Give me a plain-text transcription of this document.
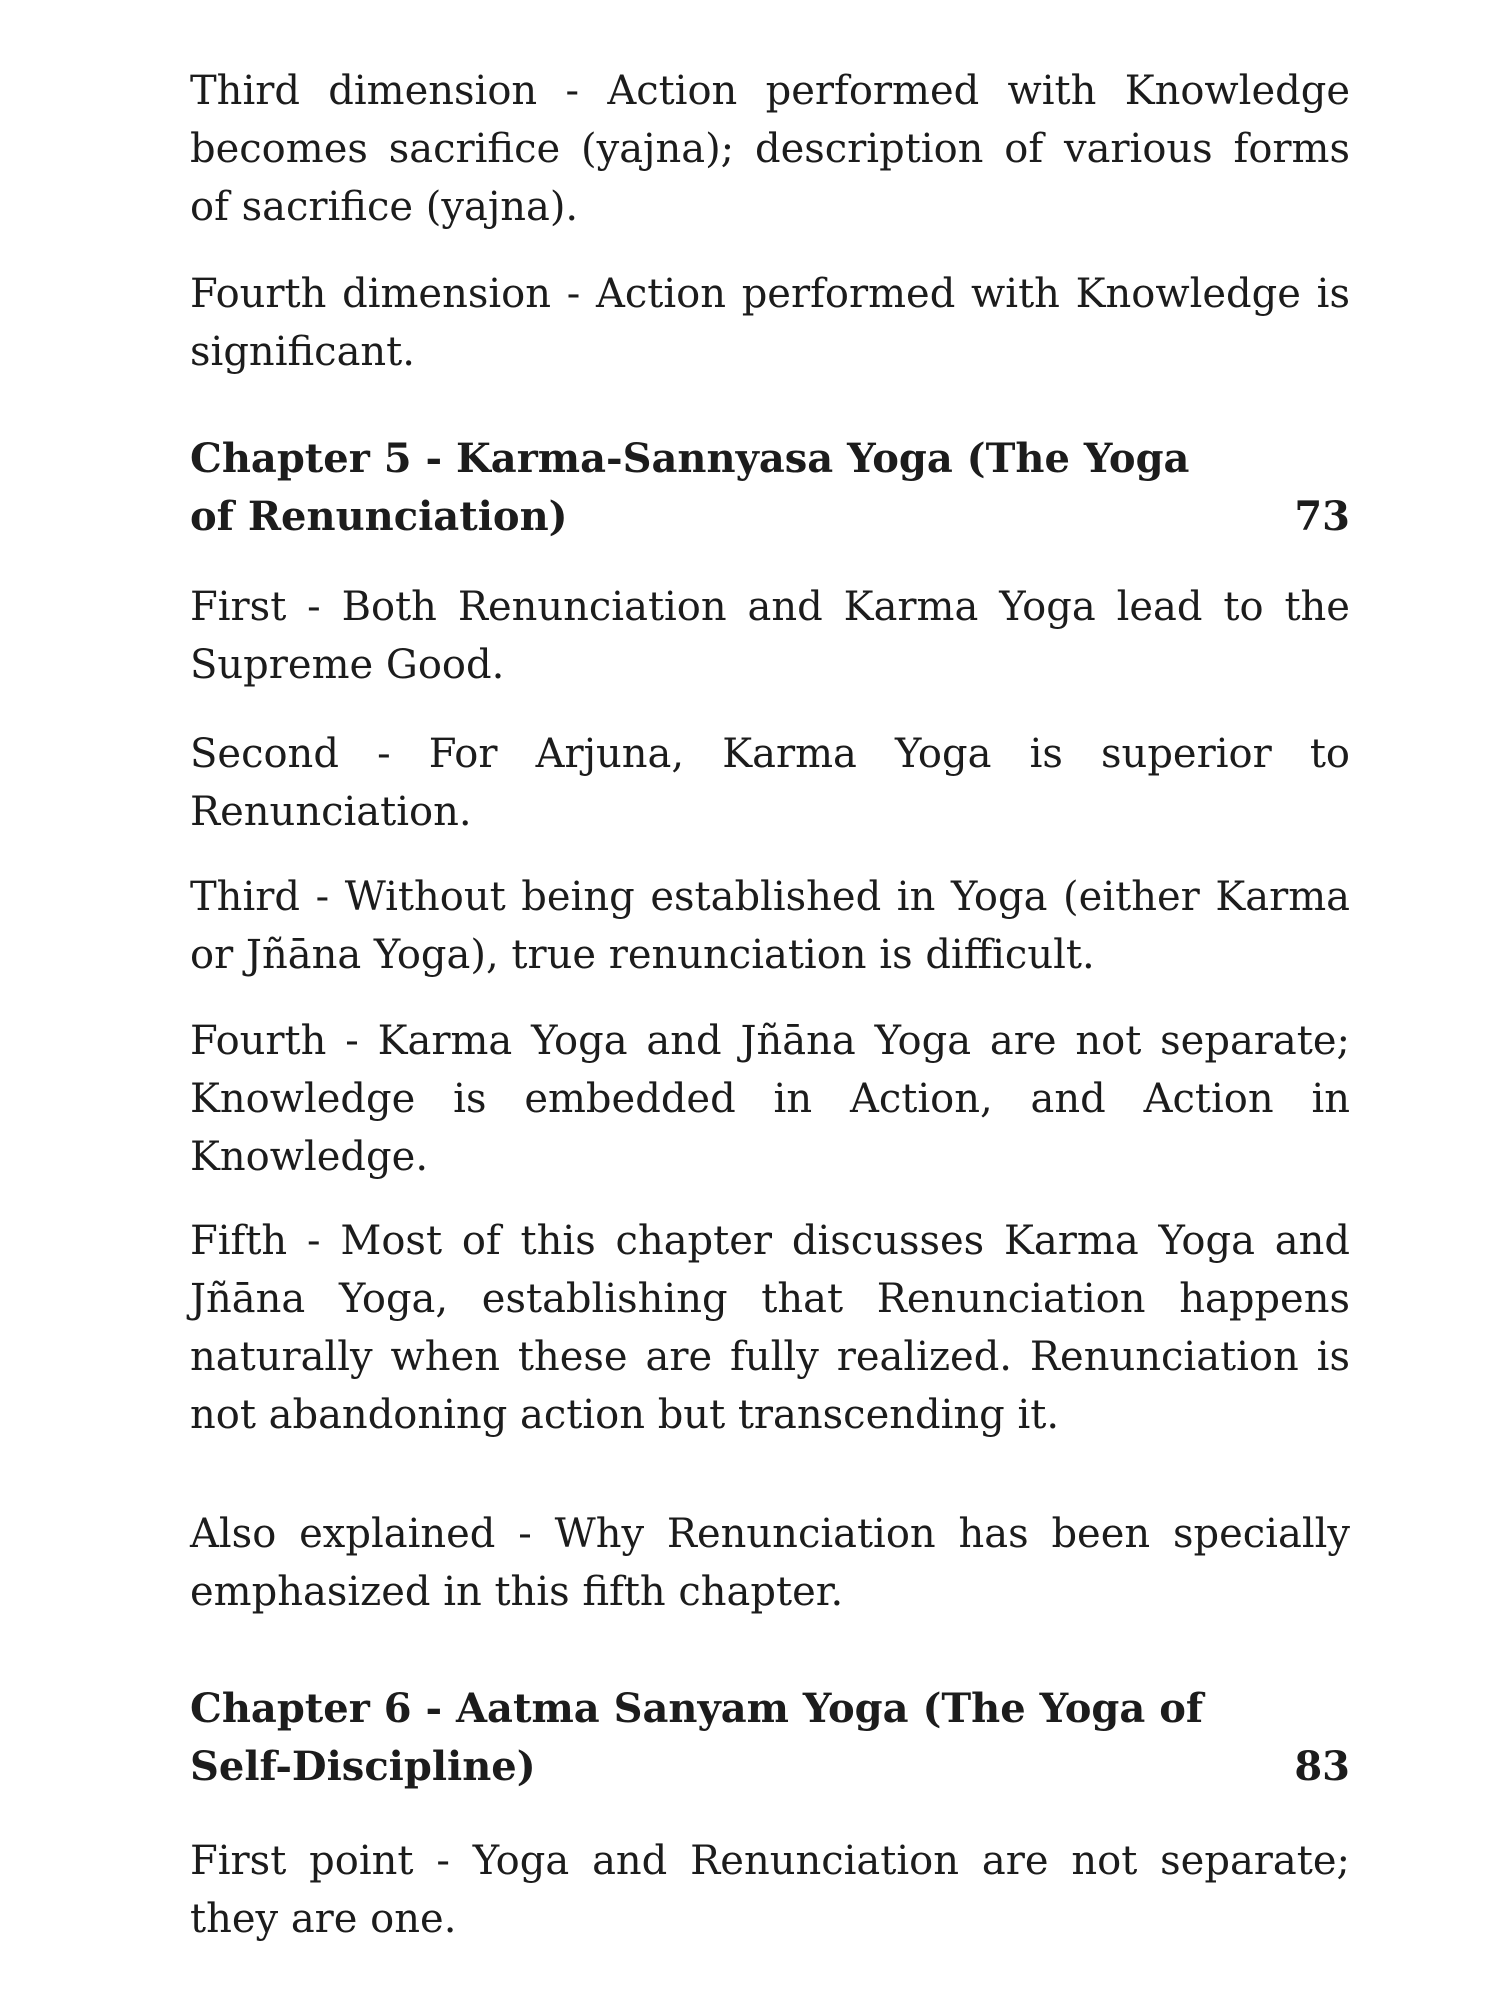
Third dimension - Action performed with Knowledge becomes sacrifice (yajna); description of various forms of sacrifice (yajna).

Fourth dimension - Action performed with Knowledge is significant.

Chapter 5 - Karma-Sannyasa Yoga (The Yoga of Renunciation)	73

First - Both Renunciation and Karma Yoga lead to the Supreme Good.

Second - For Arjuna, Karma Yoga is superior to Renunciation.

Third - Without being established in Yoga (either Karma or Jñāna Yoga), true renunciation is difficult.

Fourth - Karma Yoga and Jñāna Yoga are not separate; Knowledge is embedded in Action, and Action in Knowledge.

Fifth - Most of this chapter discusses Karma Yoga and Jñāna Yoga, establishing that Renunciation happens naturally when these are fully realized. Renunciation is not abandoning action but transcending it.

Also explained - Why Renunciation has been specially emphasized in this fifth chapter.

Chapter 6 - Aatma Sanyam Yoga (The Yoga of Self-Discipline)	83

First point - Yoga and Renunciation are not separate; they are one.
